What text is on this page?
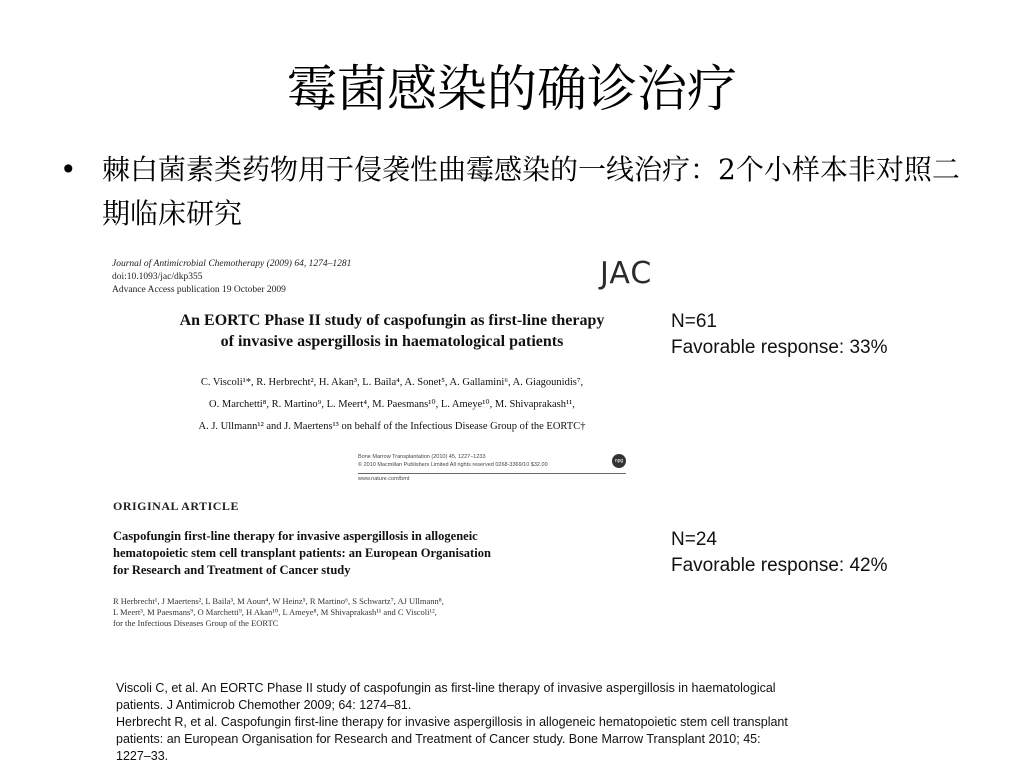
霉菌感染的确诊治疗
• 棘白菌素类药物用于侵袭性曲霉感染的一线治疗：2个小样本非对照二期临床研究
Journal of Antimicrobial Chemotherapy (2009) 64, 1274–1281
doi:10.1093/jac/dkp355
Advance Access publication 19 October 2009	JAC
An EORTC Phase II study of caspofungin as first-line therapy
of invasive aspergillosis in haematological patients
C. Viscoli¹*, R. Herbrecht², H. Akan³, L. Baila⁴, A. Sonet⁵, A. Gallamini⁶, A. Giagounidis⁷,
O. Marchetti⁸, R. Martino⁹, L. Meert⁴, M. Paesmans¹⁰, L. Ameye¹⁰, M. Shivaprakash¹¹,
A. J. Ullmann¹² and J. Maertens¹³ on behalf of the Infectious Disease Group of the EORTC†
N=61
Favorable response: 33%
Bone Marrow Transplantation (2010) 45, 1227–1233
© 2010 Macmillan Publishers Limited All rights reserved 0268-3369/10 $32.00
www.nature.com/bmt
npg
ORIGINAL ARTICLE
Caspofungin first-line therapy for invasive aspergillosis in allogeneic
hematopoietic stem cell transplant patients: an European Organisation
for Research and Treatment of Cancer study
R Herbrecht¹, J Maertens², L Baila³, M Aoun⁴, W Heinz⁵, R Martino⁶, S Schwartz⁷, AJ Ullmann⁸,
L Meert³, M Paesmans⁹, O Marchetti⁹, H Akan¹⁰, L Ameye⁸, M Shivaprakash¹¹ and C Viscoli¹²,
for the Infectious Diseases Group of the EORTC
N=24
Favorable response: 42%
Viscoli C, et al. An EORTC Phase II study of caspofungin as first-line therapy of invasive aspergillosis in haematological
patients. J Antimicrob Chemother 2009; 64: 1274–81.
Herbrecht R, et al. Caspofungin first-line therapy for invasive aspergillosis in allogeneic hematopoietic stem cell transplant
patients: an European Organisation for Research and Treatment of Cancer study. Bone Marrow Transplant 2010; 45:
1227–33.
